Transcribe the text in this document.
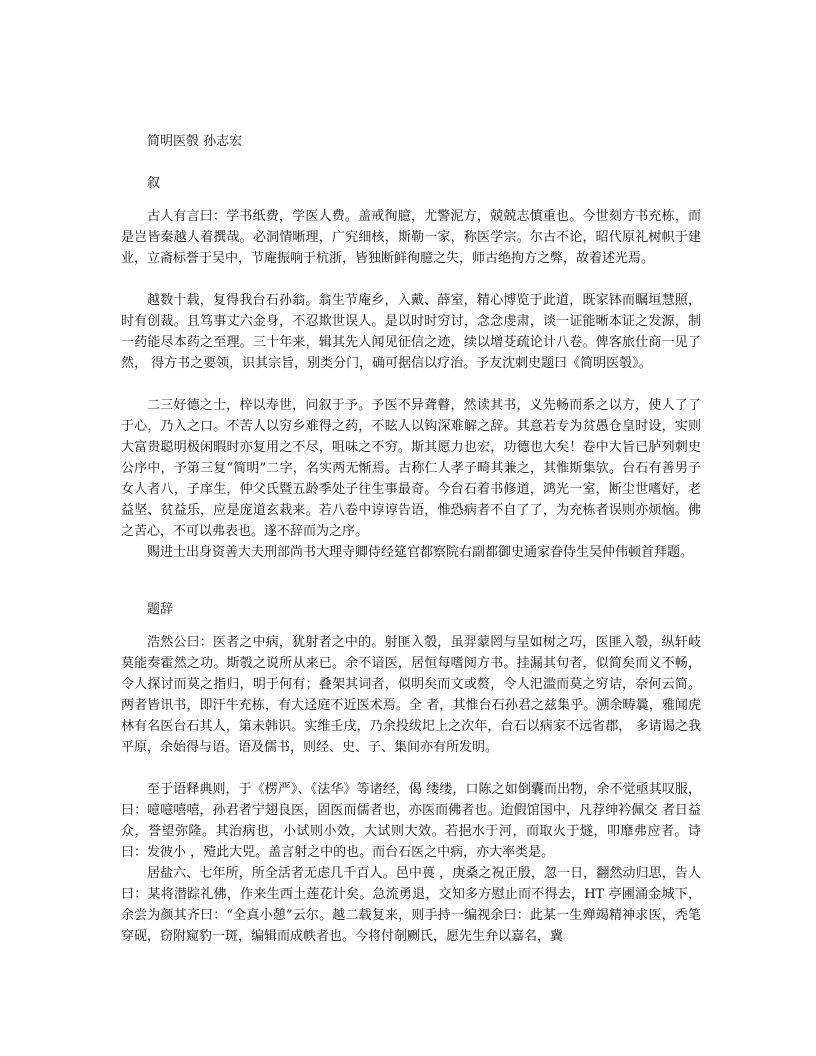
简明医彀 孙志宏

叙

古人有言曰：学书纸费，学医人费。盖戒徇臆，尤警泥方，兢兢志慎重也。今世刻方书充栋，而是岂皆秦越人着撰哉。必洞情晰理，广究细核，斯勒一家，称医学宗。尔古不论，昭代原礼树帜于建业，立斋标誉于吴中，节庵振响于杭浙，皆独断鲜徇臆之失，师古绝拘方之弊，故着述光焉。

越数十载，复得我台石孙翁。翁生节庵乡，入戴、薛室，精心博览于此道，既家钵而瞩垣慧照，时有创裁。且笃事丈六金身，不忍欺世误人。是以时时穷讨，念念虔肃，谈一证能晰本证之发源，制一药能尽本药之至理。三十年来，辑其先人闻见征信之迹，续以增芟疏论计八卷。俾客旅仕商一见了然， 得方书之要领，识其宗旨，别类分门，确可据信以疗治。予友沈刺史题曰《简明医彀》。

二三好德之士，梓以寿世，问叙于予。予医不异聋瞽，然读其书，义先畅而系之以方，使人了了于心，乃入之口。不苦人以穷乡难得之药，不眩人以钩深难解之辞。其意若专为贫愚仓皇时设，实则大富贵聪明极闲暇时亦复用之不尽，咀味之不穷。斯其愿力也宏，功德也大矣！卷中大旨已胪列刺史公序中，予第三复“简明”二字，名实两无惭焉。古称仁人孝子畸其兼之，其惟斯集欤。台石有善男子女人者八，子庠生，仲父氏暨五龄季处子往生事最奇。今台石着书修道，鸿光一室，断尘世嗜好，老益坚、贫益乐，应是庞道玄栽来。若八卷中谆谆告语，惟恐病者不自了了，为充栋者误则亦烦恼。佛之苦心，不可以弗表也。遂不辞而为之序。

赐进士出身资善大夫刑部尚书大理寺卿侍经筵官都察院右副都御史通家眷侍生吴仲伟顿首拜题。

题辞

浩然公曰：医者之中病，犹射者之中的。射匪入彀，虽羿蒙罔与呈如树之巧，医匪入彀，纵轩岐莫能奏霍然之功。斯彀之说所从来已。余不谙医，居恒每嗜阅方书。挂漏其句者，似简矣而义不畅，令人探讨而莫之指归，明于何有；叠架其词者，似明矣而文或赘，令人汜滥而莫之穷诘，奈何云简。两者皆讯书，即汗牛充栋，有大迳庭不近医术焉。全 者，其惟台石孙君之兹集乎。溯余畴曩，雅闻虎林有名医台石其人，第未韩识。实维壬戌，乃余投绂圯上之次年，台石以病家不远省郡， 多请谒之我平原，余始得与语。语及儒书，则经、史、子、集间亦有所发明。

至于语释典则，于《楞严》、《法华》等诸经，偈 缕缕，口陈之如倒囊而出物，余不觉亟其叹服，曰：噫噫嘻嘻，孙君者宁翅良医，固医而儒者也，亦医而佛者也。迨假馆国中，凡荐绅衿佩交 者日益众，誉望弥隆。其治病也，小试则小效，大试则大效。若挹水于河，而取火于燧，叩靡弗应者。诗曰：发彼小 ，殪此大兕。盖言射之中的也。而台石医之中病，亦大率类是。

居盐六、七年所，所全活者无虑几千百人。邑中葨 ，庚桑之祝正殷，忽一日，翻然动归思，告人曰：某将潜踪礼佛，作来生西土莲花计矣。急流勇退，交知多方慰止而不得去，HT 亭圃涌金城下，余尝为颜其齐曰：“全真小憩”云尔。越二载复来，则手持一编视余曰：此某一生殚竭精神求医，秃笔穿砚，窃附窥豹一斑，编辑而成帙者也。今将付剞劂氏，愿先生弁以嘉名，冀
